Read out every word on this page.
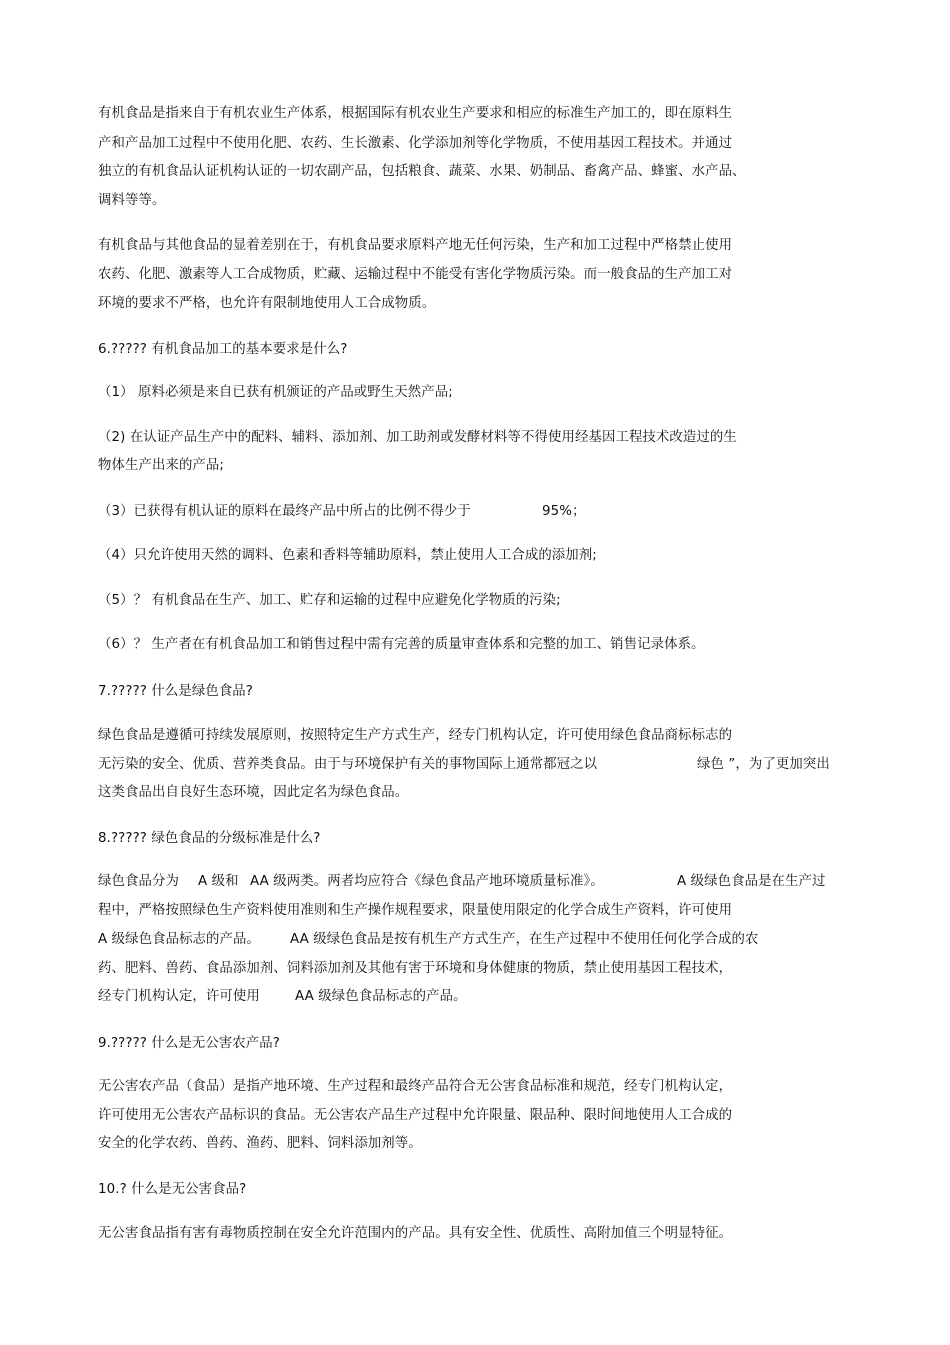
有机食品是指来自于有机农业生产体系，根据国际有机农业生产要求和相应的标准生产加工的，即在原料生
产和产品加工过程中不使用化肥、农药、生长激素、化学添加剂等化学物质，不使用基因工程技术。并通过
独立的有机食品认证机构认证的一切农副产品，包括粮食、蔬菜、水果、奶制品、畜禽产品、蜂蜜、水产品、
调料等等。
有机食品与其他食品的显着差别在于，有机食品要求原料产地无任何污染，生产和加工过程中严格禁止使用
农药、化肥、激素等人工合成物质，贮藏、运输过程中不能受有害化学物质污染。而一般食品的生产加工对
环境的要求不严格，也允许有限制地使用人工合成物质。
6.????? 有机食品加工的基本要求是什么?
（1） 原料必须是来自已获有机颁证的产品或野生天然产品;
（2) 在认证产品生产中的配料、辅料、添加剂、加工助剂或发酵材料等不得使用经基因工程技术改造过的生
物体生产出来的产品;
（3）已获得有机认证的原料在最终产品中所占的比例不得少于	95%；
（4）只允许使用天然的调料、色素和香料等辅助原料，禁止使用人工合成的添加剂;
（5）？ 有机食品在生产、加工、贮存和运输的过程中应避免化学物质的污染;
（6）？ 生产者在有机食品加工和销售过程中需有完善的质量审查体系和完整的加工、销售记录体系。
7.????? 什么是绿色食品?
绿色食品是遵循可持续发展原则，按照特定生产方式生产，经专门机构认定，许可使用绿色食品商标标志的
无污染的安全、优质、营养类食品。由于与环境保护有关的事物国际上通常都冠之以	绿色 ”，为了更加突出
这类食品出自良好生态环境，因此定名为绿色食品。
8.????? 绿色食品的分级标准是什么?
绿色食品分为 A 级和 AA 级两类。两者均应符合《绿色食品产地环境质量标准》。	A 级绿色食品是在生产过
程中，严格按照绿色生产资料使用准则和生产操作规程要求，限量使用限定的化学合成生产资料，许可使用
A 级绿色食品标志的产品。 AA 级绿色食品是按有机生产方式生产，在生产过程中不使用任何化学合成的农
药、肥料、兽药、食品添加剂、饲料添加剂及其他有害于环境和身体健康的物质，禁止使用基因工程技术，
经专门机构认定，许可使用	AA 级绿色食品标志的产品。
9.????? 什么是无公害农产品?
无公害农产品（食品）是指产地环境、生产过程和最终产品符合无公害食品标准和规范，经专门机构认定，
许可使用无公害农产品标识的食品。无公害农产品生产过程中允许限量、限品种、限时间地使用人工合成的
安全的化学农药、兽药、渔药、肥料、饲料添加剂等。
10.? 什么是无公害食品?
无公害食品指有害有毒物质控制在安全允许范围内的产品。具有安全性、优质性、高附加值三个明显特征。
